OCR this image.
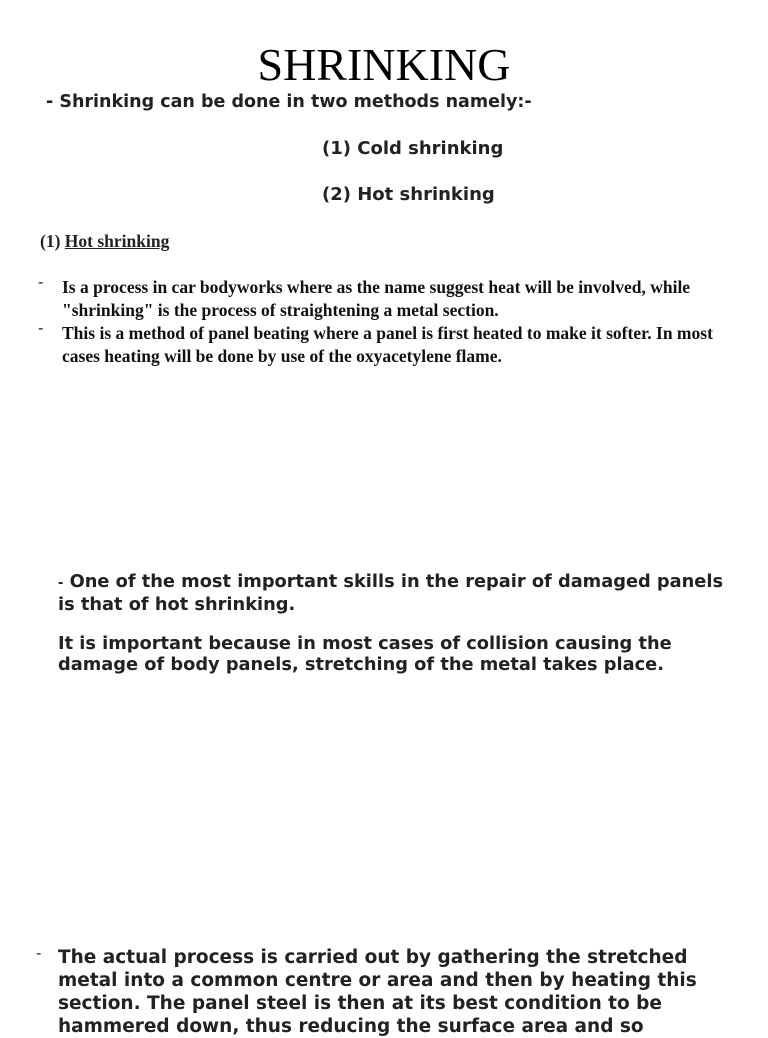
SHRINKING
- Shrinking can be done in two methods namely:-
(1) Cold shrinking
(2) Hot shrinking
(1) Hot shrinking
- Is a process in car bodyworks where as the name suggest heat will be involved, while "shrinking" is the process of straightening a metal section.
- This is a method of panel beating where a panel is first heated to make it softer. In most cases heating will be done by use of the oxyacetylene flame.
- One of the most important skills in the repair of damaged panels is that of hot shrinking.
It is important because in most cases of collision causing the damage of body panels, stretching of the metal takes place.
- The actual process is carried out by gathering the stretched metal into a common centre or area and then by heating this section. The panel steel is then at its best condition to be hammered down, thus reducing the surface area and so
